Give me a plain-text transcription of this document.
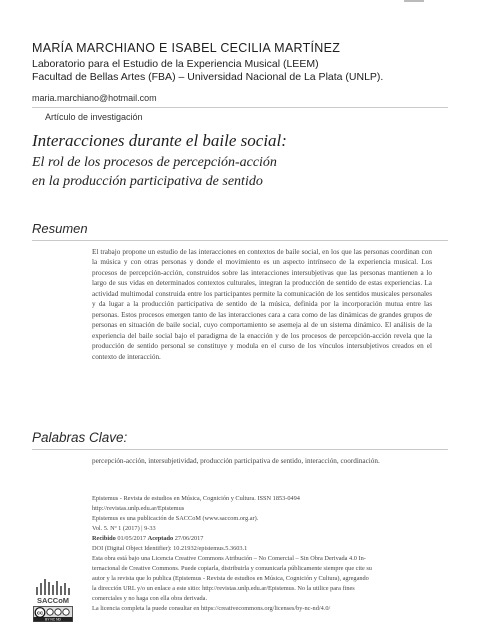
MARÍA MARCHIANO E ISABEL CECILIA MARTÍNEZ
Laboratorio para el Estudio de la Experiencia Musical (LEEM)
Facultad de Bellas Artes (FBA) – Universidad Nacional de La Plata (UNLP).
maria.marchiano@hotmail.com
Artículo de investigación
Interacciones durante el baile social:
El rol de los procesos de percepción-acción
en la producción participativa de sentido
Resumen
El trabajo propone un estudio de las interacciones en contextos de baile social, en los que las personas coordinan con la música y con otras personas y donde el movimiento es un aspecto intrínseco de la experiencia musical. Los procesos de percepción-acción, construidos sobre las interacciones intersubjetivas que las personas mantienen a lo largo de sus vidas en determinados contextos culturales, integran la producción de sentido de estas experiencias. La actividad multimodal construida entre los participantes permite la comunicación de los sentidos musicales personales y da lugar a la producción participativa de sentido de la música, definida por la incorporación mutua entre las personas. Estos procesos emergen tanto de las interacciones cara a cara como de las dinámicas de grandes grupos de personas en situación de baile social, cuyo comportamiento se asemeja al de un sistema dinámico. El análisis de la experiencia del baile social bajo el paradigma de la enacción y de los procesos de percepción-acción revela que la producción de sentido personal se constituye y modula en el curso de los vínculos intersubjetivos creados en el contexto de interacción.
Palabras Clave:
percepción-acción, intersubjetividad, producción participativa de sentido, interacción, coordinación.
Epistemus - Revista de estudios en Música, Cognición y Cultura. ISSN 1853-0494
http://revistas.unlp.edu.ar/Epistemus
Epistemus es una publicación de SACCoM (www.saccom.org.ar).
Vol. 5. Nº 1 (2017) | 9-33
Recibido 01/05/2017 Aceptado 27/06/2017
DOI (Digital Object Identifier): 10.21932/epistemus.5.3603.1
Esta obra está bajo una Licencia Creative Commons Atribución – No Comercial – Sin Obra Derivada 4.0 In-
ternacional de Creative Commons. Puede copiarla, distribuirla y comunicarla públicamente siempre que cite su
autor y la revista que lo publica (Epistemus - Revista de estudios en Música, Cognición y Cultura), agregando
la dirección URL y/o un enlace a este sitio: http://revistas.unlp.edu.ar/Epistemus. No la utilice para fines
comerciales y no haga con ella obra derivada.
La licencia completa la puede consultar en https://creativecommons.org/licenses/by-nc-nd/4.0/
SACCoM
cc
BY NC ND
